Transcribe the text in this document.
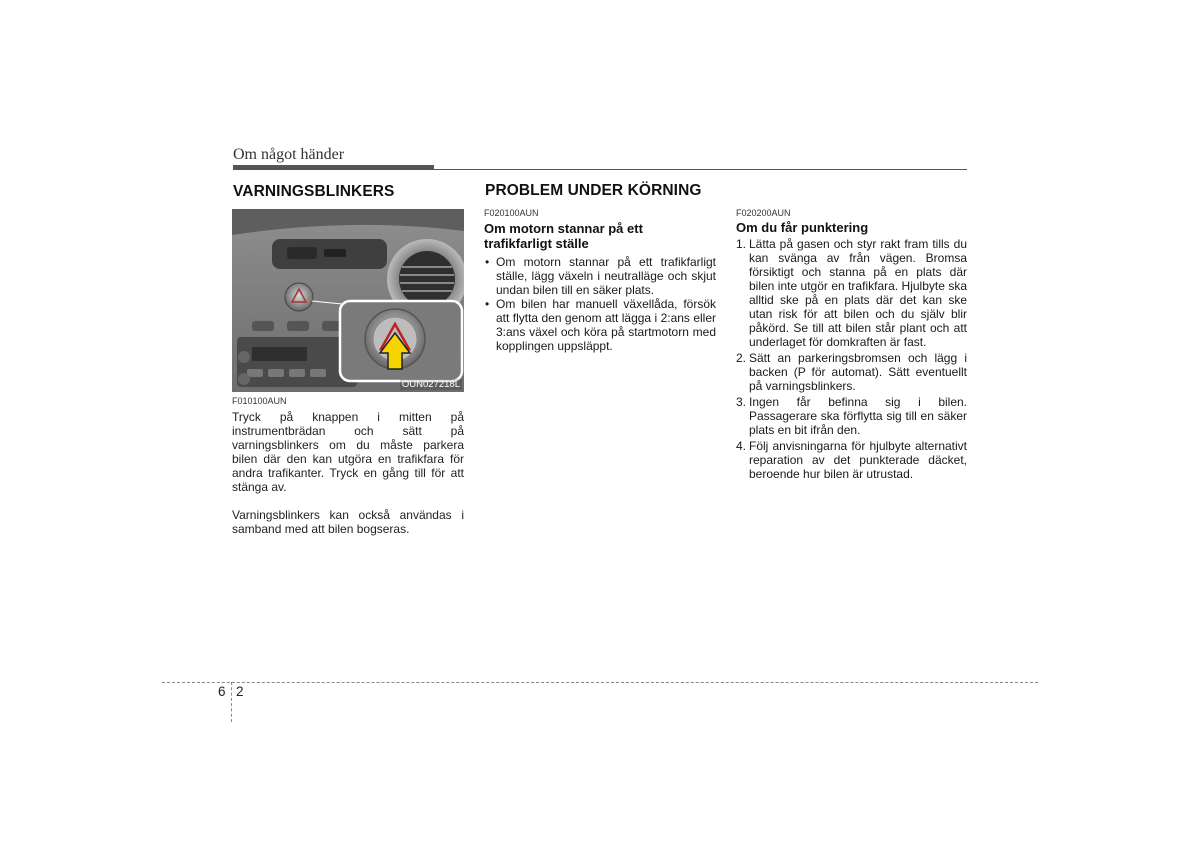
Om något händer
VARNINGSBLINKERS
OUN027218L
F010100AUN

Tryck på knappen i mitten på instrumentbrädan och sätt på varningsblinkers om du måste parkera bilen där den kan utgöra en trafikfara för andra trafikanter. Tryck en gång till för att stänga av.

Varningsblinkers kan också användas i samband med att bilen bogseras.

PROBLEM UNDER KÖRNING
F020100AUN
Om motorn stannar på ett trafikfarligt ställe
• Om motorn stannar på ett trafikfarligt ställe, lägg växeln i neutralläge och skjut undan bilen till en säker plats.
• Om bilen har manuell växellåda, försök att flytta den genom att lägga i 2:ans eller 3:ans växel och köra på startmotorn med kopplingen uppsläppt.
F020200AUN
Om du får punktering
1. Lätta på gasen och styr rakt fram tills du kan svänga av från vägen. Bromsa försiktigt och stanna på en plats där bilen inte utgör en trafikfara. Hjulbyte ska alltid ske på en plats där det kan ske utan risk för att bilen och du själv blir påkörd. Se till att bilen står plant och att underlaget för domkraften är fast.
2. Sätt an parkeringsbromsen och lägg i backen (P för automat). Sätt eventuellt på varningsblinkers.
3. Ingen får befinna sig i bilen. Passagerare ska förflytta sig till en säker plats en bit ifrån den.
4. Följ anvisningarna för hjulbyte alternativt reparation av det punkterade däcket, beroende hur bilen är utrustad.
6 2
